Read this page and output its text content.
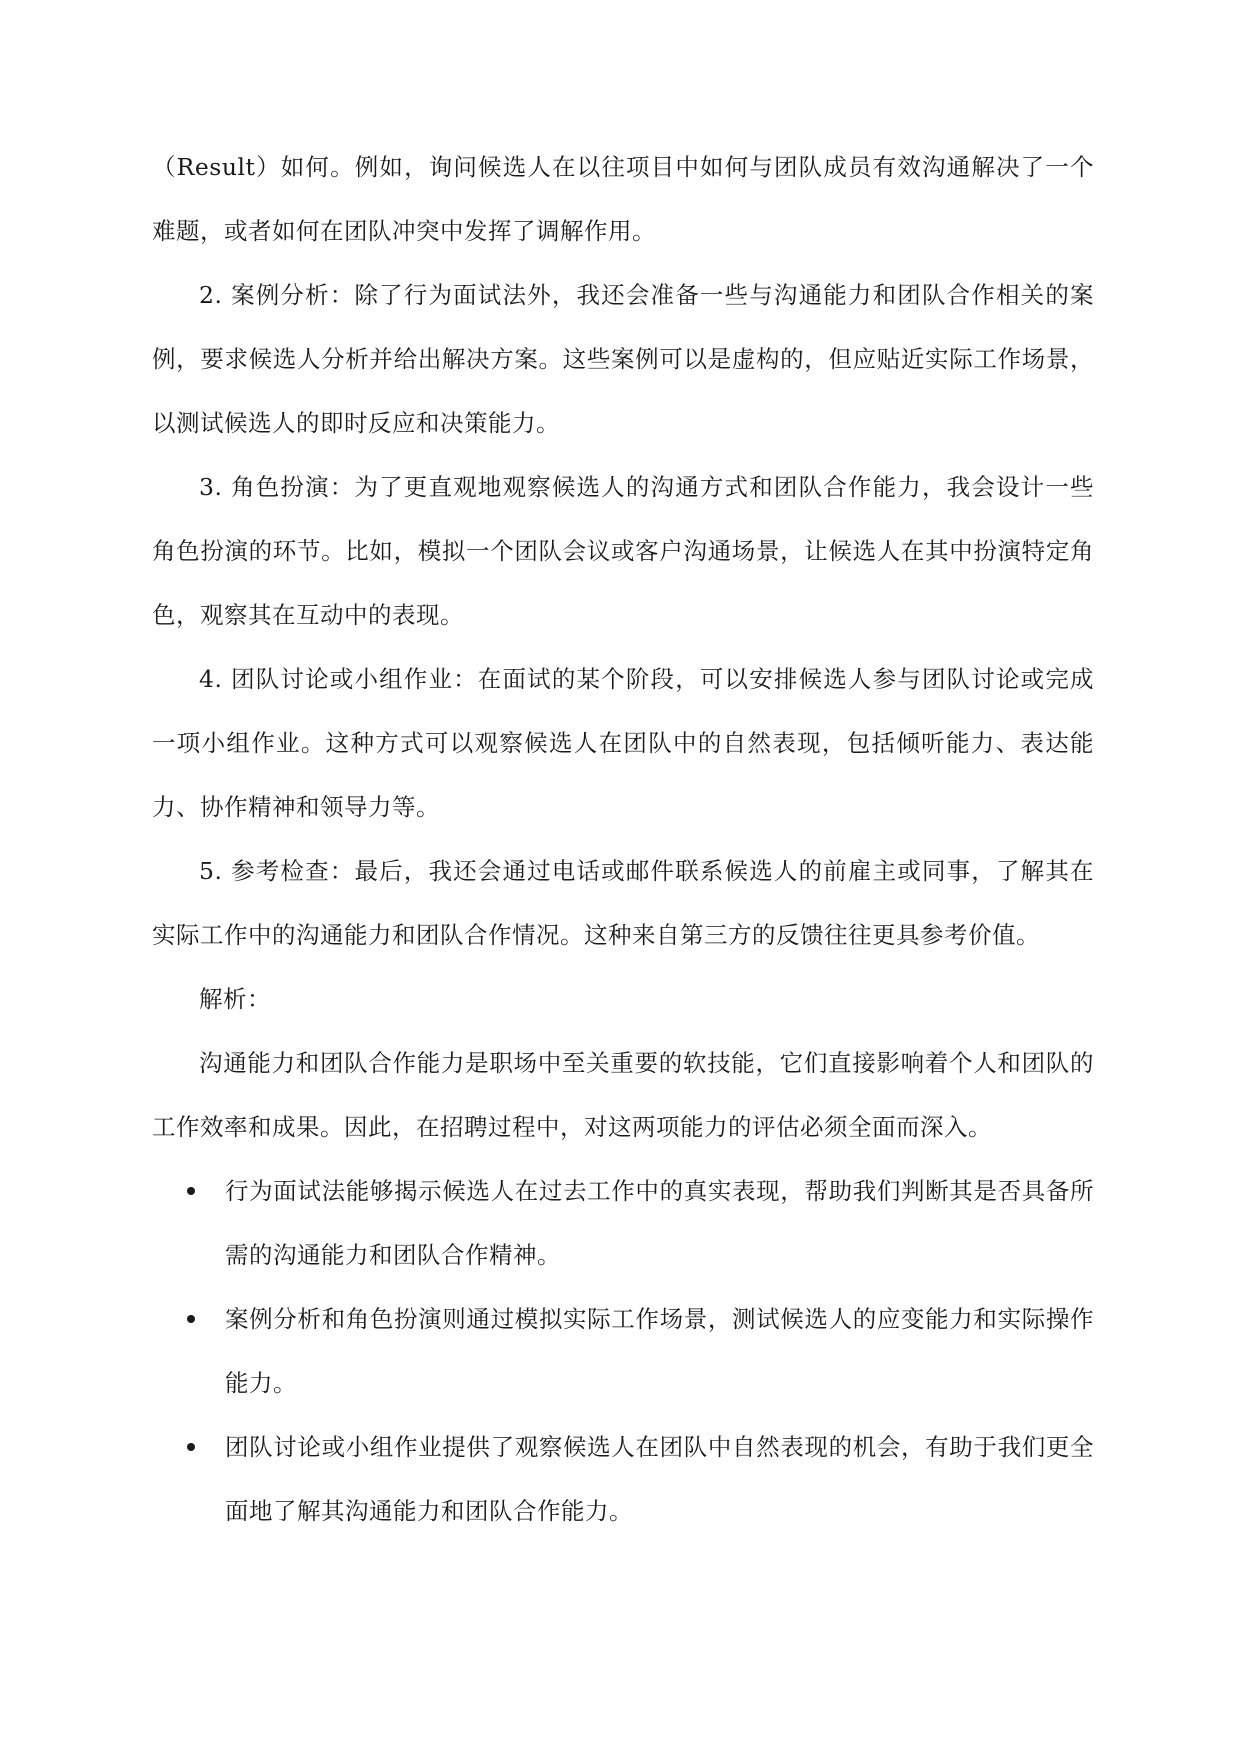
（Result）如何。例如，询问候选人在以往项目中如何与团队成员有效沟通解决了一个难题，或者如何在团队冲突中发挥了调解作用。

2. 案例分析：除了行为面试法外，我还会准备一些与沟通能力和团队合作相关的案例，要求候选人分析并给出解决方案。这些案例可以是虚构的，但应贴近实际工作场景，以测试候选人的即时反应和决策能力。

3. 角色扮演：为了更直观地观察候选人的沟通方式和团队合作能力，我会设计一些角色扮演的环节。比如，模拟一个团队会议或客户沟通场景，让候选人在其中扮演特定角色，观察其在互动中的表现。

4. 团队讨论或小组作业：在面试的某个阶段，可以安排候选人参与团队讨论或完成一项小组作业。这种方式可以观察候选人在团队中的自然表现，包括倾听能力、表达能力、协作精神和领导力等。

5. 参考检查：最后，我还会通过电话或邮件联系候选人的前雇主或同事，了解其在实际工作中的沟通能力和团队合作情况。这种来自第三方的反馈往往更具参考价值。

解析：

沟通能力和团队合作能力是职场中至关重要的软技能，它们直接影响着个人和团队的工作效率和成果。因此，在招聘过程中，对这两项能力的评估必须全面而深入。

行为面试法能够揭示候选人在过去工作中的真实表现，帮助我们判断其是否具备所需的沟通能力和团队合作精神。
案例分析和角色扮演则通过模拟实际工作场景，测试候选人的应变能力和实际操作能力。
团队讨论或小组作业提供了观察候选人在团队中自然表现的机会，有助于我们更全面地了解其沟通能力和团队合作能力。
